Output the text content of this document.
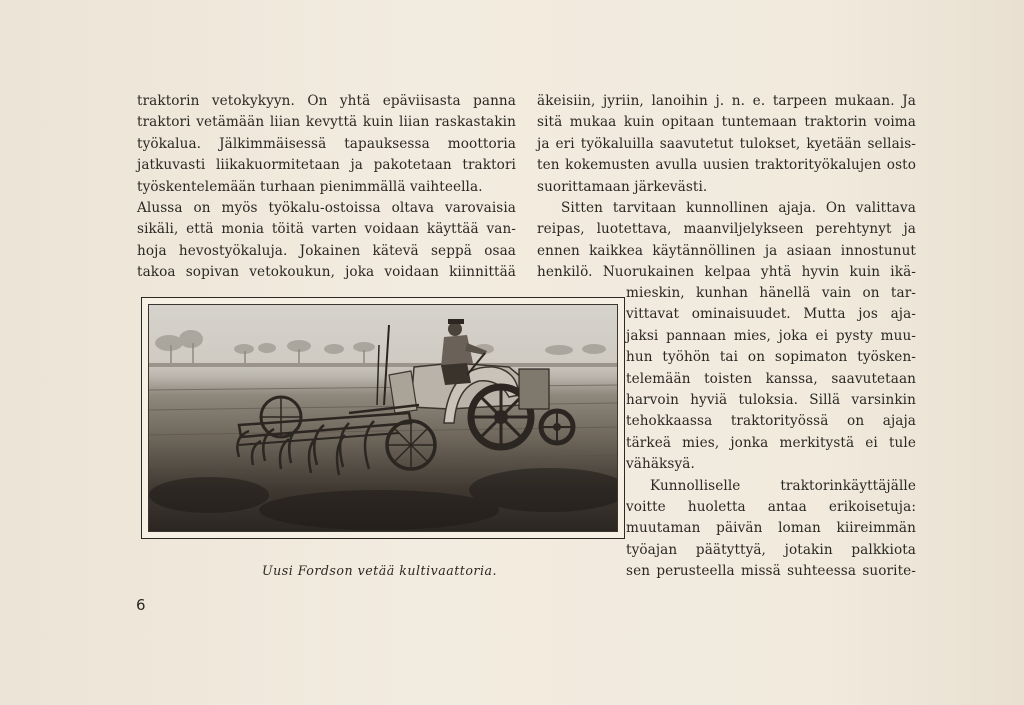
traktorin vetokykyyn. On yhtä epäviisasta panna
traktori vetämään liian kevyttä kuin liian raskastakin
työkalua. Jälkimmäisessä tapauksessa moottoria
jatkuvasti liikakuormitetaan ja pakotetaan traktori
työskentelemään turhaan pienimmällä vaihteella.
Alussa on myös työkalu-ostoissa oltava varovaisia
sikäli, että monia töitä varten voidaan käyttää van-
hoja hevostyökaluja. Jokainen kätevä seppä osaa
takoa sopivan vetokoukun, joka voidaan kiinnittää
äkeisiin, jyriin, lanoihin j. n. e. tarpeen mukaan. Ja
sitä mukaa kuin opitaan tuntemaan traktorin voima
ja eri työkaluilla saavutetut tulokset, kyetään sellais-
ten kokemusten avulla uusien traktorityökalujen osto
suorittamaan järkevästi.
Sitten tarvitaan kunnollinen ajaja. On valittava
reipas, luotettava, maanviljelykseen perehtynyt ja
ennen kaikkea käytännöllinen ja asiaan innostunut
henkilö. Nuorukainen kelpaa yhtä hyvin kuin ikä-
mieskin, kunhan hänellä vain on tar-
vittavat ominaisuudet. Mutta jos aja-
jaksi pannaan mies, joka ei pysty muu-
hun työhön tai on sopimaton työsken-
telemään toisten kanssa, saavutetaan
harvoin hyviä tuloksia. Sillä varsinkin
tehokkaassa traktorityössä on ajaja
tärkeä mies, jonka merkitystä ei tule
vähäksyä.
Kunnolliselle traktorinkäyttäjälle
voitte huoletta antaa erikoisetuja:
muutaman päivän loman kiireimmän
työajan päätyttyä, jotakin palkkiota
sen perusteella missä suhteessa suorite-
Uusi Fordson vetää kultivaattoria.
6
